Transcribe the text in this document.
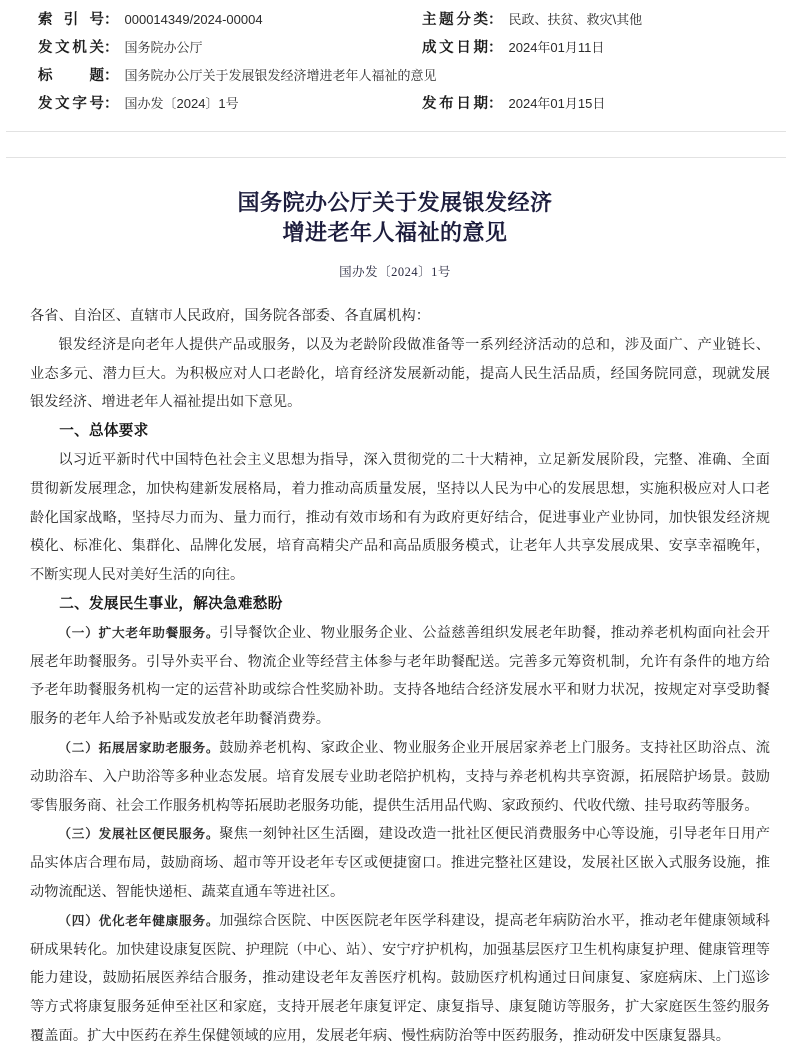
索引号： 000014349/2024-00004	主题分类： 民政、扶贫、救灾\其他
发文机关： 国务院办公厅	成文日期： 2024年01月11日
标题： 国务院办公厅关于发展银发经济增进老年人福祉的意见
发文字号： 国办发〔2024〕1号	发布日期： 2024年01月15日
国务院办公厅关于发展银发经济
增进老年人福祉的意见
国办发〔2024〕1号

各省、自治区、直辖市人民政府，国务院各部委、各直属机构：

银发经济是向老年人提供产品或服务，以及为老龄阶段做准备等一系列经济活动的总和，涉及面广、产业链长、业态多元、潜力巨大。为积极应对人口老龄化，培育经济发展新动能，提高人民生活品质，经国务院同意，现就发展银发经济、增进老年人福祉提出如下意见。

一、总体要求

以习近平新时代中国特色社会主义思想为指导，深入贯彻党的二十大精神，立足新发展阶段，完整、准确、全面贯彻新发展理念，加快构建新发展格局，着力推动高质量发展，坚持以人民为中心的发展思想，实施积极应对人口老龄化国家战略，坚持尽力而为、量力而行，推动有效市场和有为政府更好结合，促进事业产业协同，加快银发经济规模化、标准化、集群化、品牌化发展，培育高精尖产品和高品质服务模式，让老年人共享发展成果、安享幸福晚年，不断实现人民对美好生活的向往。

二、发展民生事业，解决急难愁盼

（一）扩大老年助餐服务。引导餐饮企业、物业服务企业、公益慈善组织发展老年助餐，推动养老机构面向社会开展老年助餐服务。引导外卖平台、物流企业等经营主体参与老年助餐配送。完善多元筹资机制，允许有条件的地方给予老年助餐服务机构一定的运营补助或综合性奖励补助。支持各地结合经济发展水平和财力状况，按规定对享受助餐服务的老年人给予补贴或发放老年助餐消费券。

（二）拓展居家助老服务。鼓励养老机构、家政企业、物业服务企业开展居家养老上门服务。支持社区助浴点、流动助浴车、入户助浴等多种业态发展。培育发展专业助老陪护机构，支持与养老机构共享资源，拓展陪护场景。鼓励零售服务商、社会工作服务机构等拓展助老服务功能，提供生活用品代购、家政预约、代收代缴、挂号取药等服务。

（三）发展社区便民服务。聚焦一刻钟社区生活圈，建设改造一批社区便民消费服务中心等设施，引导老年日用产品实体店合理布局，鼓励商场、超市等开设老年专区或便捷窗口。推进完整社区建设，发展社区嵌入式服务设施，推动物流配送、智能快递柜、蔬菜直通车等进社区。

（四）优化老年健康服务。加强综合医院、中医医院老年医学科建设，提高老年病防治水平，推动老年健康领域科研成果转化。加快建设康复医院、护理院（中心、站）、安宁疗护机构，加强基层医疗卫生机构康复护理、健康管理等能力建设，鼓励拓展医养结合服务，推动建设老年友善医疗机构。鼓励医疗机构通过日间康复、家庭病床、上门巡诊等方式将康复服务延伸至社区和家庭，支持开展老年康复评定、康复指导、康复随访等服务，扩大家庭医生签约服务覆盖面。扩大中医药在养生保健领域的应用，发展老年病、慢性病防治等中医药服务，推动研发中医康复器具。
